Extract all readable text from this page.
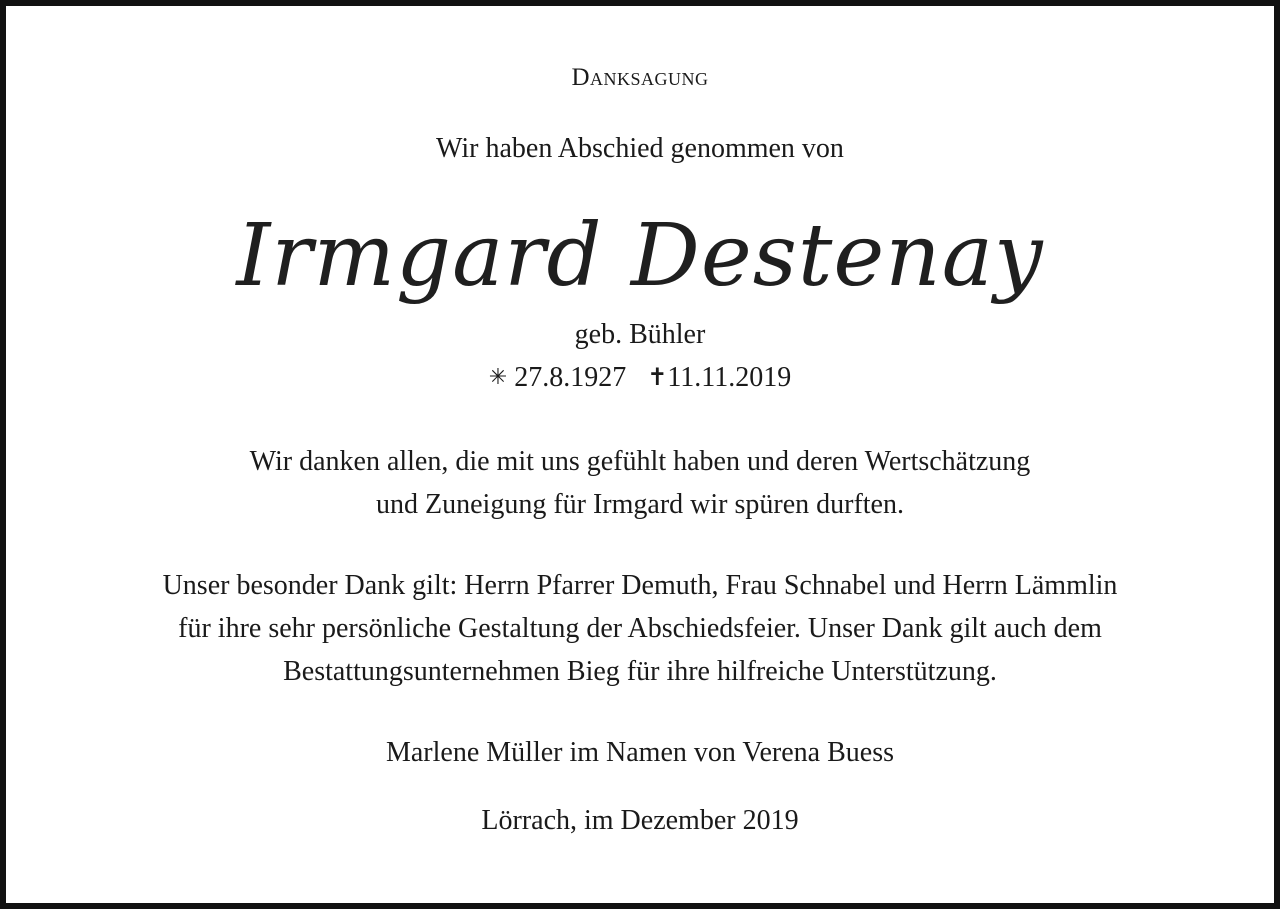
Danksagung

Wir haben Abschied genommen von

Irmgard Destenay

geb. Bühler

✳ 27.8.1927 ✝11.11.2019

Wir danken allen, die mit uns gefühlt haben und deren Wertschätzung
und Zuneigung für Irmgard wir spüren durften.
Unser besonder Dank gilt: Herrn Pfarrer Demuth, Frau Schnabel und Herrn Lämmlin
für ihre sehr persönliche Gestaltung der Abschiedsfeier. Unser Dank gilt auch dem
Bestattungsunternehmen Bieg für ihre hilfreiche Unterstützung.

Marlene Müller im Namen von Verena Buess

Lörrach, im Dezember 2019
